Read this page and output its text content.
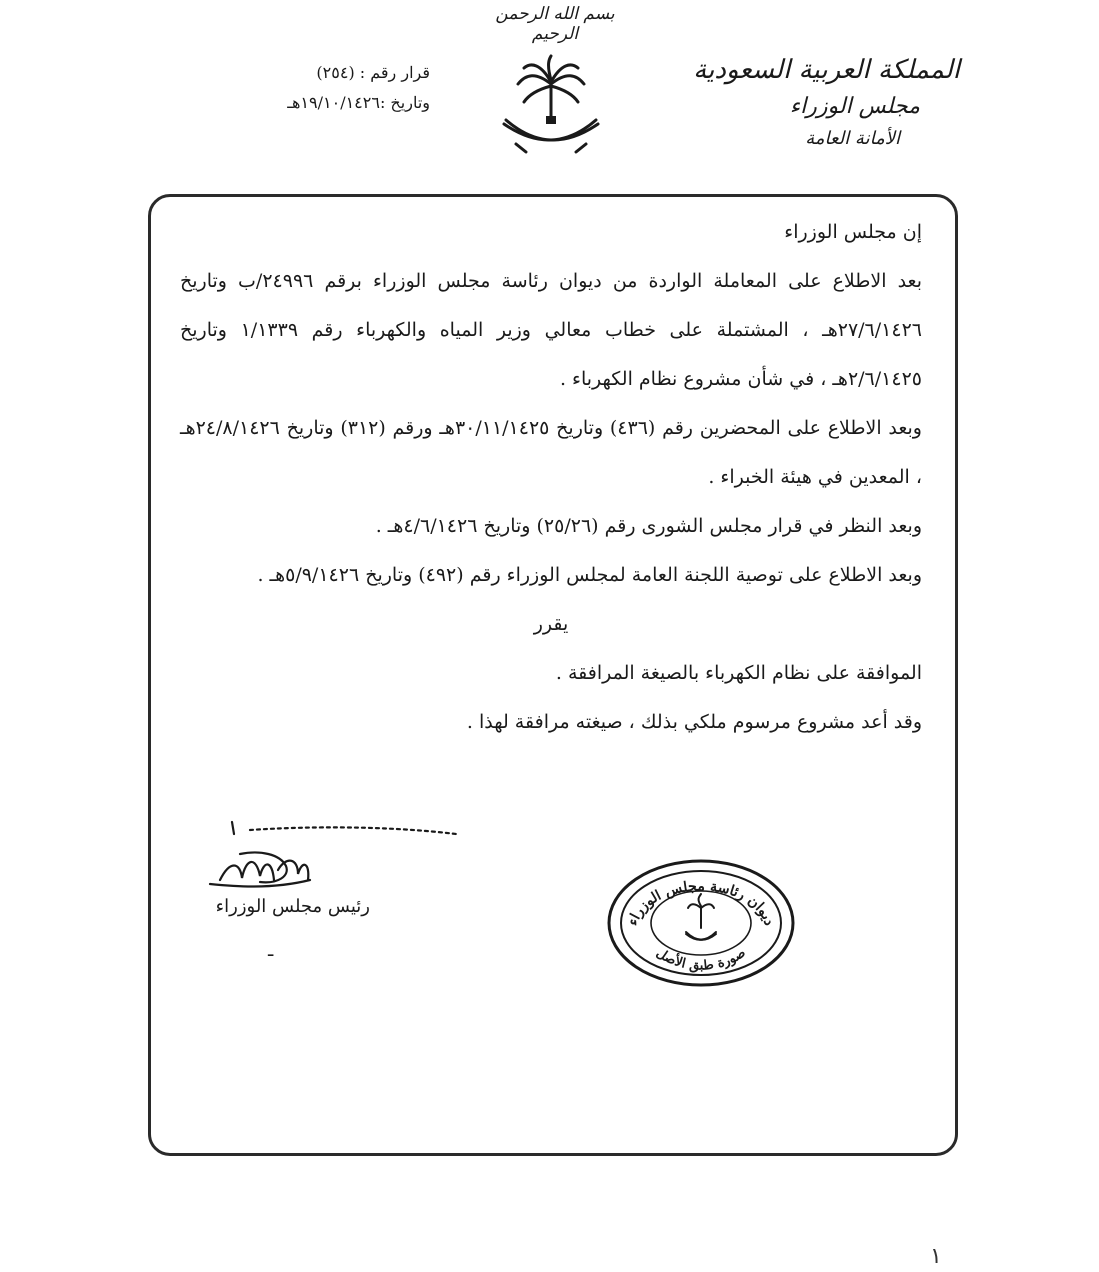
بسم الله الرحمن الرحيم
قرار رقم : (٢٥٤)
وتاريخ :١٩/١٠/١٤٢٦هـ
المملكة العربية السعودية
مجلس الوزراء
الأمانة العامة

إن مجلس الوزراء

بعد الاطلاع على المعاملة الواردة من ديوان رئاسة مجلس الوزراء برقم ٢٤٩٩٦/ب وتاريخ ٢٧/٦/١٤٢٦هـ ، المشتملة على خطاب معالي وزير المياه والكهرباء رقم ١/١٣٣٩ وتاريخ ٢/٦/١٤٢٥هـ ، في شأن مشروع نظام الكهرباء .

وبعد الاطلاع على المحضرين رقم (٤٣٦) وتاريخ ٣٠/١١/١٤٢٥هـ ورقم (٣١٢) وتاريخ ٢٤/٨/١٤٢٦هـ ، المعدين في هيئة الخبراء .

وبعد النظر في قرار مجلس الشورى رقم (٢٥/٢٦) وتاريخ ٤/٦/١٤٢٦هـ .

وبعد الاطلاع على توصية اللجنة العامة لمجلس الوزراء رقم (٤٩٢) وتاريخ ٥/٩/١٤٢٦هـ .

يقرر

الموافقة على نظام الكهرباء بالصيغة المرافقة .

وقد أعد مشروع مرسوم ملكي بذلك ، صيغته مرافقة لهذا .

رئيس مجلس الوزراء
ـ
ديوان رئاسة مجلس الوزراء
صورة طبق الأصل
١
